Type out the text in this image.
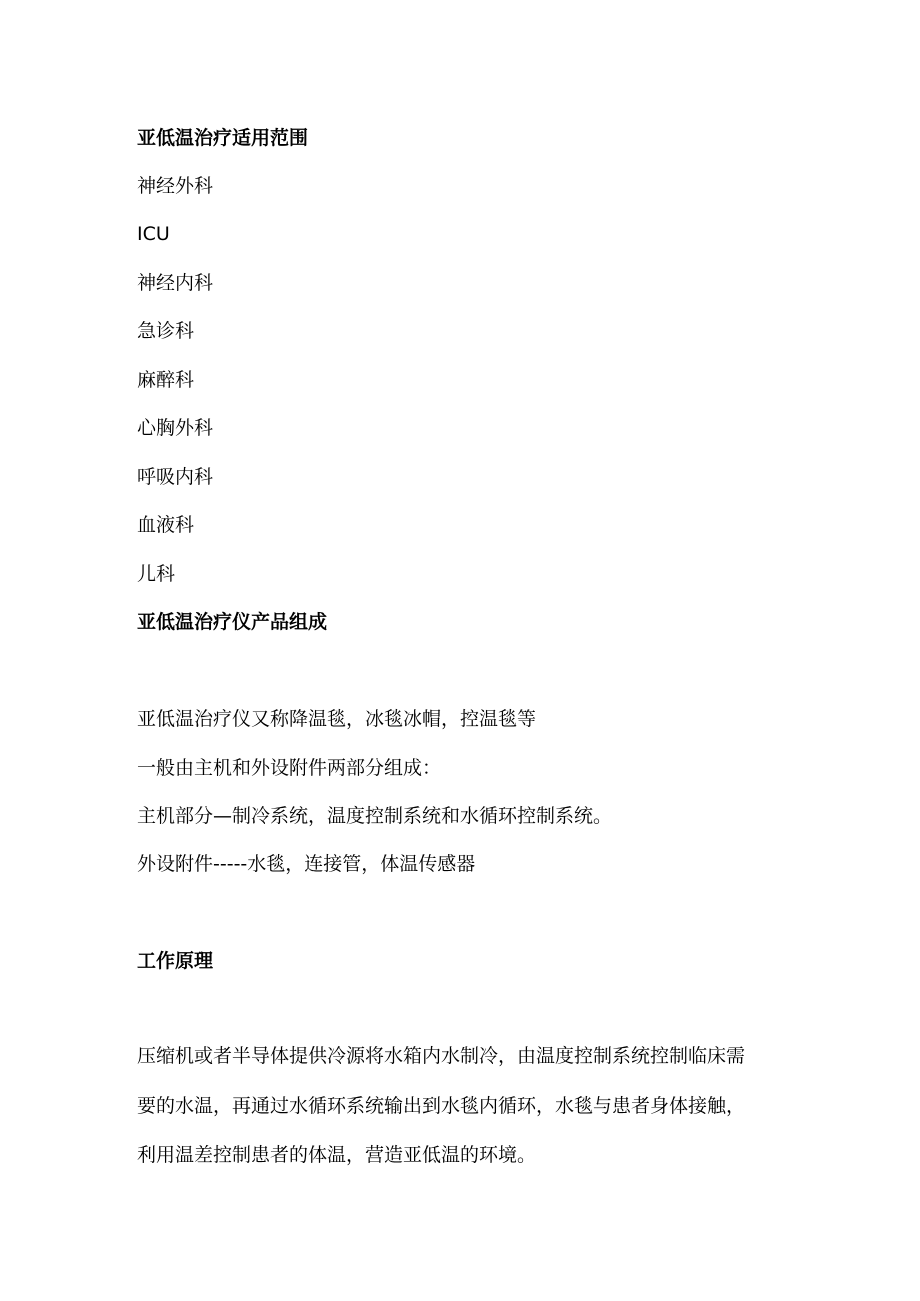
亚低温治疗适用范围
神经外科
ICU
神经内科
急诊科
麻醉科
心胸外科
呼吸内科
血液科
儿科
亚低温治疗仪产品组成
亚低温治疗仪又称降温毯，冰毯冰帽，控温毯等
一般由主机和外设附件两部分组成：
主机部分—制冷系统，温度控制系统和水循环控制系统。
外设附件-----水毯，连接管，体温传感器
工作原理
压缩机或者半导体提供冷源将水箱内水制冷，由温度控制系统控制临床需
要的水温，再通过水循环系统输出到水毯内循环，水毯与患者身体接触，
利用温差控制患者的体温，营造亚低温的环境。
